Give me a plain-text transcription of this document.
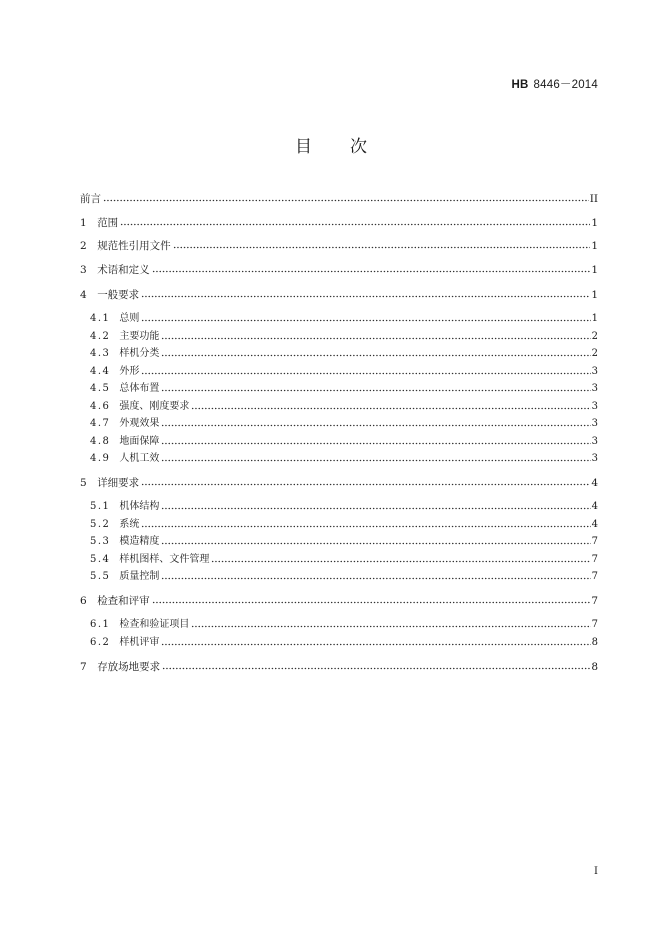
HB 8446－2014
目 次
前言	II
1 范围	1
2 规范性引用文件	1
3 术语和定义	1
4 一般要求	1
4.1 总则	1
4.2 主要功能	2
4.3 样机分类	2
4.4 外形	3
4.5 总体布置	3
4.6 强度、刚度要求	3
4.7 外观效果	3
4.8 地面保障	3
4.9 人机工效	3
5 详细要求	4
5.1 机体结构	4
5.2 系统	4
5.3 模造精度	7
5.4 样机图样、文件管理	7
5.5 质量控制	7
6 检查和评审	7
6.1 检查和验证项目	7
6.2 样机评审	8
7 存放场地要求	8
I
